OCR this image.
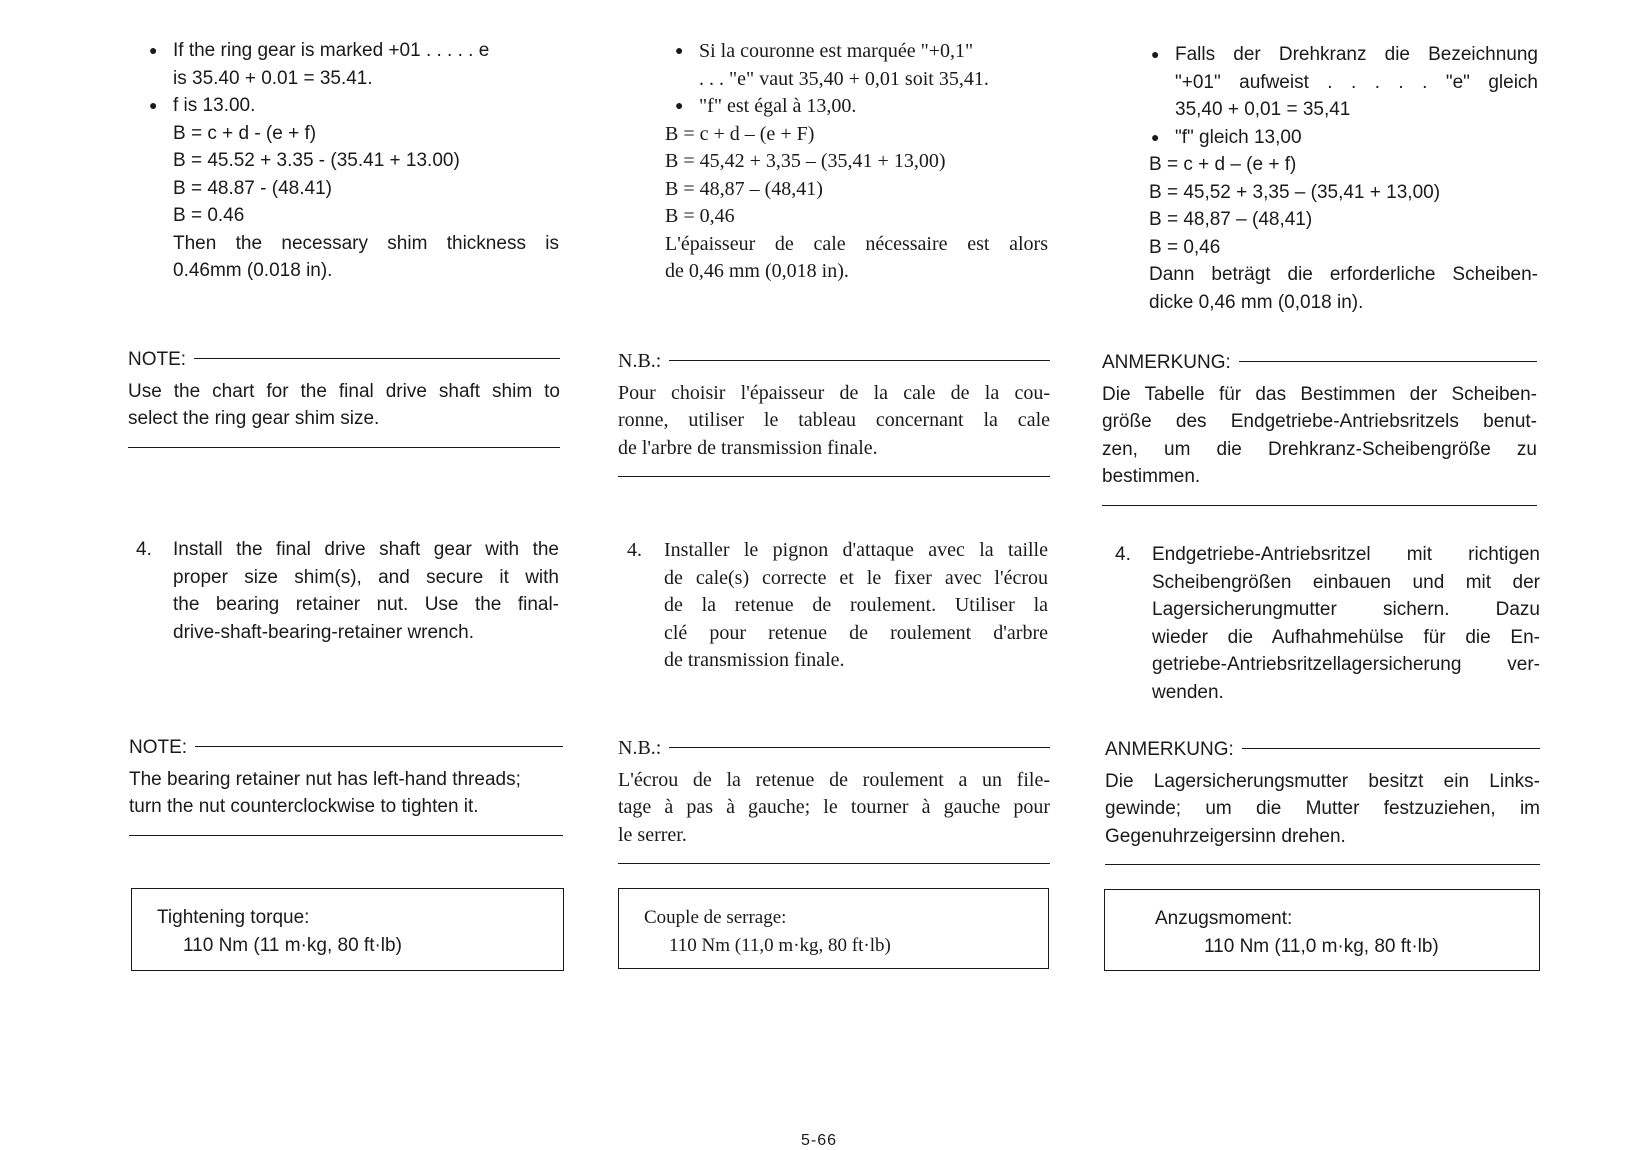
● If the ring gear is marked +01 . . . . . e
is 35.40 + 0.01 = 35.41.
● f is 13.00.
B = c + d - (e + f)
B = 45.52 + 3.35 - (35.41 + 13.00)
B = 48.87 - (48.41)
B = 0.46
Then the necessary shim thickness is
0.46mm (0.018 in).
NOTE:
Use the chart for the final drive shaft shim to
select the ring gear shim size.
4. Install the final drive shaft gear with the
proper size shim(s), and secure it with
the bearing retainer nut. Use the final-
drive-shaft-bearing-retainer wrench.
NOTE:
The bearing retainer nut has left-hand threads;
turn the nut counterclockwise to tighten it.
Tightening torque:
110 Nm (11 m·kg, 80 ft·lb)
● Si la couronne est marquée "+0,1"
. . . "e" vaut 35,40 + 0,01 soit 35,41.
● "f" est égal à 13,00.
B = c + d – (e + F)
B = 45,42 + 3,35 – (35,41 + 13,00)
B = 48,87 – (48,41)
B = 0,46
L'épaisseur de cale nécessaire est alors
de 0,46 mm (0,018 in).
N.B.:
Pour choisir l'épaisseur de la cale de la cou-
ronne, utiliser le tableau concernant la cale
de l'arbre de transmission finale.
4. Installer le pignon d'attaque avec la taille
de cale(s) correcte et le fixer avec l'écrou
de la retenue de roulement. Utiliser la
clé pour retenue de roulement d'arbre
de transmission finale.
N.B.:
L'écrou de la retenue de roulement a un file-
tage à pas à gauche; le tourner à gauche pour
le serrer.
Couple de serrage:
110 Nm (11,0 m·kg, 80 ft·lb)
● Falls der Drehkranz die Bezeichnung
"+01" aufweist . . . . . "e" gleich
35,40 + 0,01 = 35,41
● "f" gleich 13,00
B = c + d – (e + f)
B = 45,52 + 3,35 – (35,41 + 13,00)
B = 48,87 – (48,41)
B = 0,46
Dann beträgt die erforderliche Scheiben-
dicke 0,46 mm (0,018 in).
ANMERKUNG:
Die Tabelle für das Bestimmen der Scheiben-
größe des Endgetriebe-Antriebsritzels benut-
zen, um die Drehkranz-Scheibengröße zu
bestimmen.
4. Endgetriebe-Antriebsritzel mit richtigen
Scheibengrößen einbauen und mit der
Lagersicherungmutter sichern. Dazu
wieder die Aufhahmehülse für die En-
getriebe-Antriebsritzellagersicherung ver-
wenden.
ANMERKUNG:
Die Lagersicherungsmutter besitzt ein Links-
gewinde; um die Mutter festzuziehen, im
Gegenuhrzeigersinn drehen.
Anzugsmoment:
110 Nm (11,0 m·kg, 80 ft·lb)
5-66
